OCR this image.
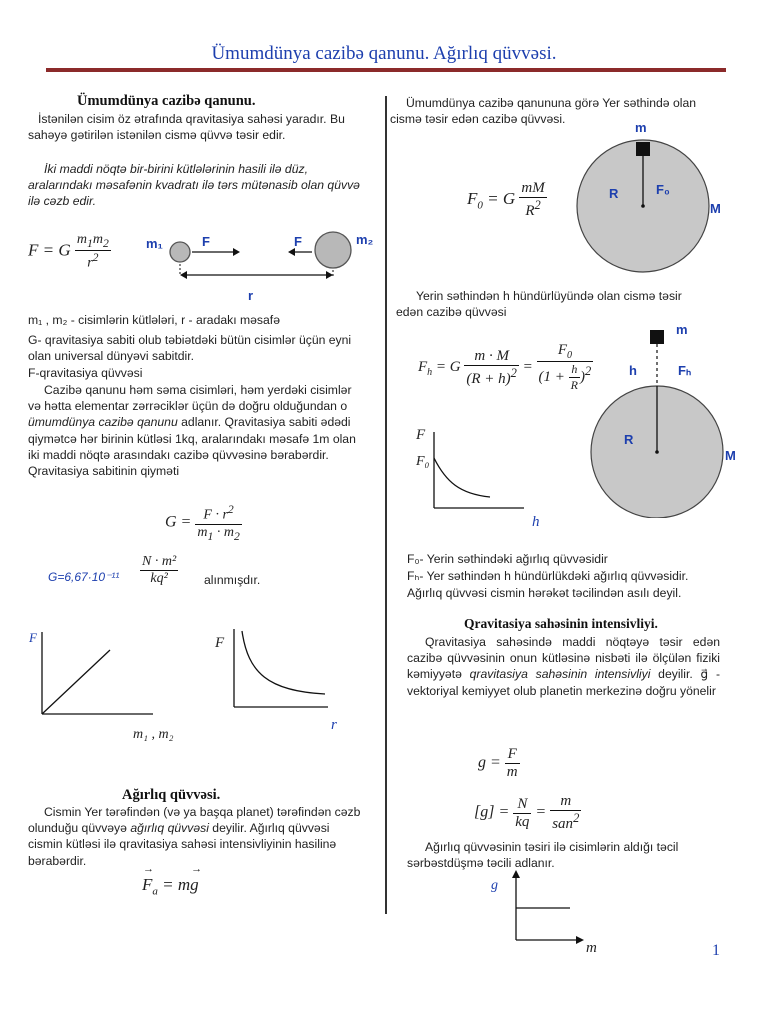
Ümumdünya cazibə qanunu. Ağırlıq qüvvəsi.
Ümumdünya cazibə qanunu.
İstənilən cisim öz ətrafında qravitasiya sahəsi yaradır. Bu sahəyə gətirilən istənilən cismə qüvvə təsir edir.
İki maddi nöqtə bir-birini kütlələrinin hasili ilə düz, aralarındakı məsafənin kvadratı ilə tərs mütənasib olan qüvvə ilə cəzb edir.
F = G $\frac{m_1m_2}{r^2}$	m₁	F	F	m₂
r
m₁ , m₂ - cisimlərin kütlələri, r - aradakı məsafə
G- qravitasiya sabiti olub təbiətdəki bütün cisimlər üçün eyni olan universal dünyəvi sabitdir.
F-qravitasiya qüvvəsi
Cazibə qanunu həm səma cisimləri, həm yerdəki cisimlər və hətta elementar zərrəciklər üçün də doğru olduğundan o ümumdünya cazibə qanunu adlanır. Qravitasiya sabiti ədədi qiymətcə hər birinin kütləsi 1kq, aralarındakı məsafə 1m olan iki maddi nöqtə arasındakı cazibə qüvvəsinə bərabərdir. Qravitasiya sabitinin qiyməti
$G = \frac{F \cdot r^2}{m_1 \cdot m_2}$
$G=6,67\cdot 10^{-11} \frac{\text{N · m²}}{\text{kq²}}$ alınmışdır.
F
m₁ , m₂
F
r
Ağırlıq qüvvəsi.
Cismin Yer tərəfindən (və ya başqa planet) tərəfindən cəzb olunduğu qüvvəyə ağırlıq qüvvəsi deyilir. Ağırlıq qüvvəsi cismin kütləsi ilə qravitasiya sahəsi intensivliyinin hasilinə bərabərdir.
F
→
$_a$ = mg
→
Ümumdünya cazibə qanununa görə Yer səthində olan cismə təsir edən cazibə qüvvəsi.
$F_0 = G \frac{mM}{R^2}$
m
R	F₀
M
Yerin səthindən h hündürlüyündə olan cismə təsir edən cazibə qüvvəsi
$F_h = G \frac{m \cdot M}{(R + h)^2} = \frac{F_0}{(1 + \frac{h}{R} )^2}$
m
h	Fₕ
R
M
F
F₀
h
F₀- Yerin səthindəki ağırlıq qüvvəsidir
Fₕ- Yer səthindən h hündürlükdəki ağırlıq qüvvəsidir.
Ağırlıq qüvvəsi cismin hərəkət təcilindən asılı deyil.
Qravitasiya sahəsinin intensivliyi.
Qravitasiya sahəsində maddi nöqtəyə təsir edən cazibə qüvvəsinin onun kütləsinə nisbəti ilə ölçülən fiziki kəmiyyətə qravitasiya sahəsinin intensivliyi deyilir. g⃗ - vektoriyal kemiyyet olub planetin merkezinə doğru yönelir
$g = \frac{F}{m}$
$[g] = \frac{N}{kq} = \frac{m}{san^2}$
Ağırlıq qüvvəsinin təsiri ilə cisimlərin aldığı təcil sərbəstdüşmə təcili adlanır.
g
m	1
